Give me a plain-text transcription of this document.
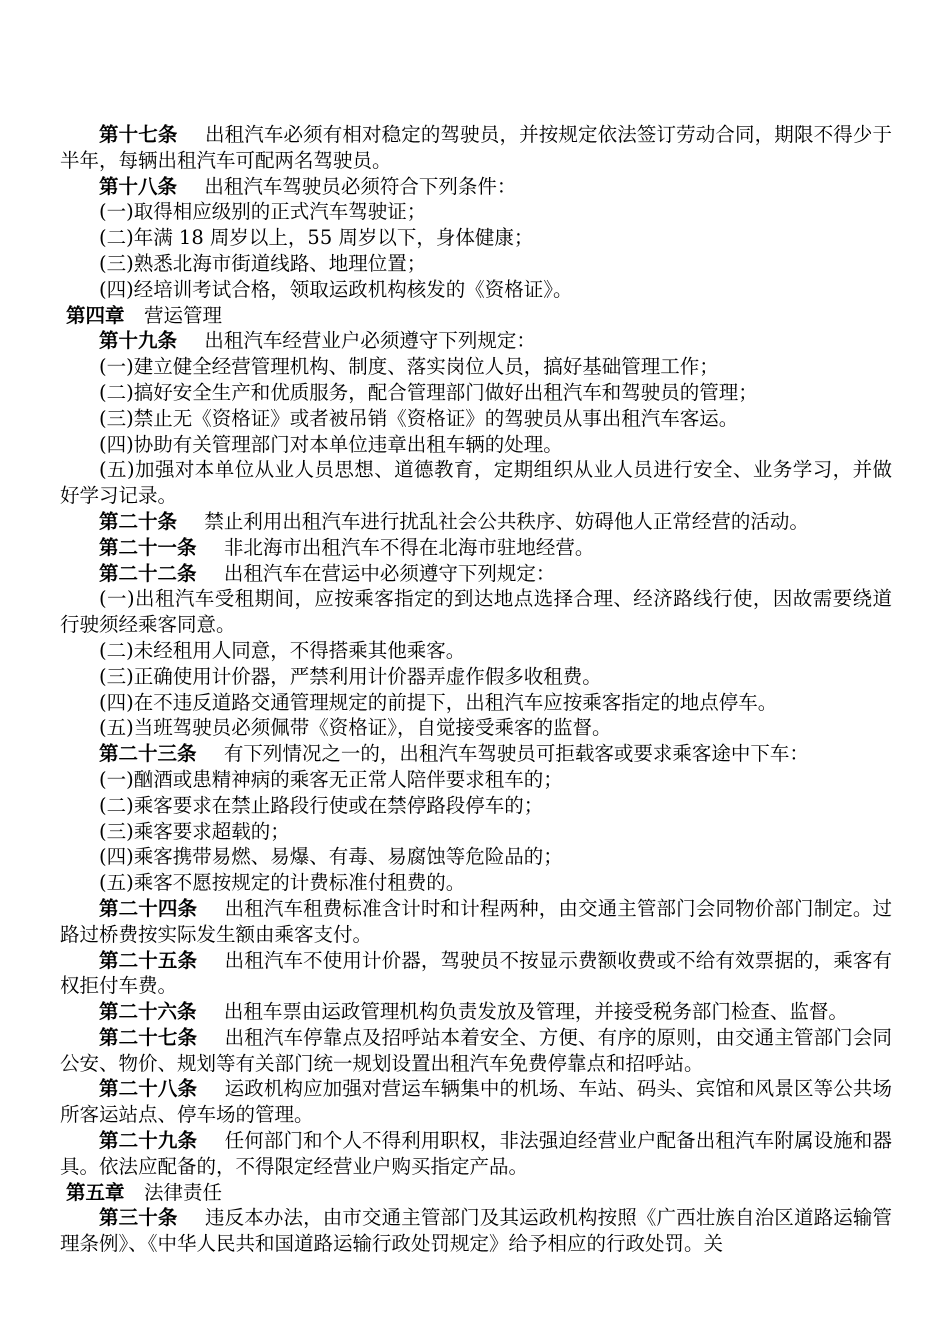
第十七条 出租汽车必须有相对稳定的驾驶员，并按规定依法签订劳动合同，期限不得少于半年，每辆出租汽车可配两名驾驶员。

第十八条 出租汽车驾驶员必须符合下列条件：

(一)取得相应级别的正式汽车驾驶证；

(二)年满 18 周岁以上，55 周岁以下，身体健康；

(三)熟悉北海市街道线路、地理位置；

(四)经培训考试合格，领取运政机构核发的《资格证》。

第四章 营运管理

第十九条 出租汽车经营业户必须遵守下列规定：

(一)建立健全经营管理机构、制度、落实岗位人员，搞好基础管理工作；

(二)搞好安全生产和优质服务，配合管理部门做好出租汽车和驾驶员的管理；

(三)禁止无《资格证》或者被吊销《资格证》的驾驶员从事出租汽车客运。

(四)协助有关管理部门对本单位违章出租车辆的处理。

(五)加强对本单位从业人员思想、道德教育，定期组织从业人员进行安全、业务学习，并做好学习记录。

第二十条 禁止利用出租汽车进行扰乱社会公共秩序、妨碍他人正常经营的活动。

第二十一条 非北海市出租汽车不得在北海市驻地经营。

第二十二条 出租汽车在营运中必须遵守下列规定：

(一)出租汽车受租期间，应按乘客指定的到达地点选择合理、经济路线行使，因故需要绕道行驶须经乘客同意。

(二)未经租用人同意，不得搭乘其他乘客。

(三)正确使用计价器，严禁利用计价器弄虚作假多收租费。

(四)在不违反道路交通管理规定的前提下，出租汽车应按乘客指定的地点停车。

(五)当班驾驶员必须佩带《资格证》，自觉接受乘客的监督。

第二十三条 有下列情况之一的，出租汽车驾驶员可拒载客或要求乘客途中下车：

(一)酗酒或患精神病的乘客无正常人陪伴要求租车的；

(二)乘客要求在禁止路段行使或在禁停路段停车的；

(三)乘客要求超载的；

(四)乘客携带易燃、易爆、有毒、易腐蚀等危险品的；

(五)乘客不愿按规定的计费标准付租费的。

第二十四条 出租汽车租费标准含计时和计程两种，由交通主管部门会同物价部门制定。过路过桥费按实际发生额由乘客支付。

第二十五条 出租汽车不使用计价器，驾驶员不按显示费额收费或不给有效票据的，乘客有权拒付车费。

第二十六条 出租车票由运政管理机构负责发放及管理，并接受税务部门检查、监督。

第二十七条 出租汽车停靠点及招呼站本着安全、方便、有序的原则，由交通主管部门会同公安、物价、规划等有关部门统一规划设置出租汽车免费停靠点和招呼站。

第二十八条 运政机构应加强对营运车辆集中的机场、车站、码头、宾馆和风景区等公共场所客运站点、停车场的管理。

第二十九条 任何部门和个人不得利用职权，非法强迫经营业户配备出租汽车附属设施和器具。依法应配备的，不得限定经营业户购买指定产品。

第五章 法律责任

第三十条 违反本办法，由市交通主管部门及其运政机构按照《广西壮族自治区道路运输管理条例》、《中华人民共和国道路运输行政处罚规定》给予相应的行政处罚。关
